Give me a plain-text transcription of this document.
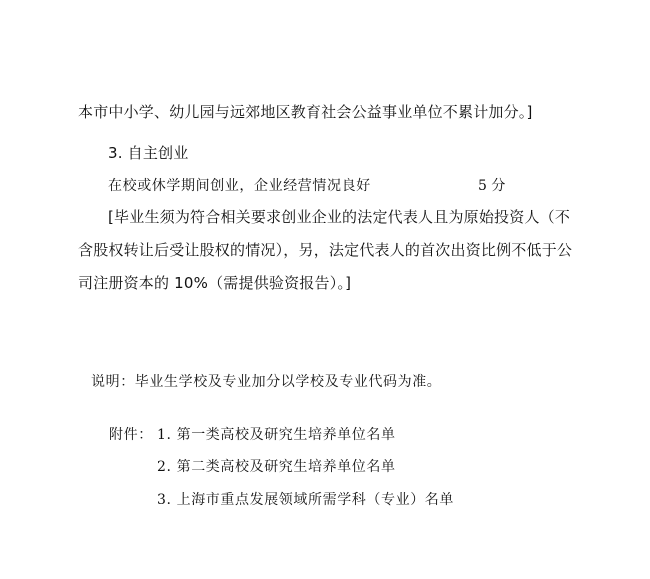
本市中小学、幼儿园与远郊地区教育社会公益事业单位不累计加分。]
3. 自主创业
在校或休学期间创业，企业经营情况良好	5 分
[毕业生须为符合相关要求创业企业的法定代表人且为原始投资人（不
含股权转让后受让股权的情况），另，法定代表人的首次出资比例不低于公
司注册资本的 10%（需提供验资报告）。]
说明：毕业生学校及专业加分以学校及专业代码为准。
附件： 1. 第一类高校及研究生培养单位名单
2. 第二类高校及研究生培养单位名单
3. 上海市重点发展领域所需学科（专业）名单
